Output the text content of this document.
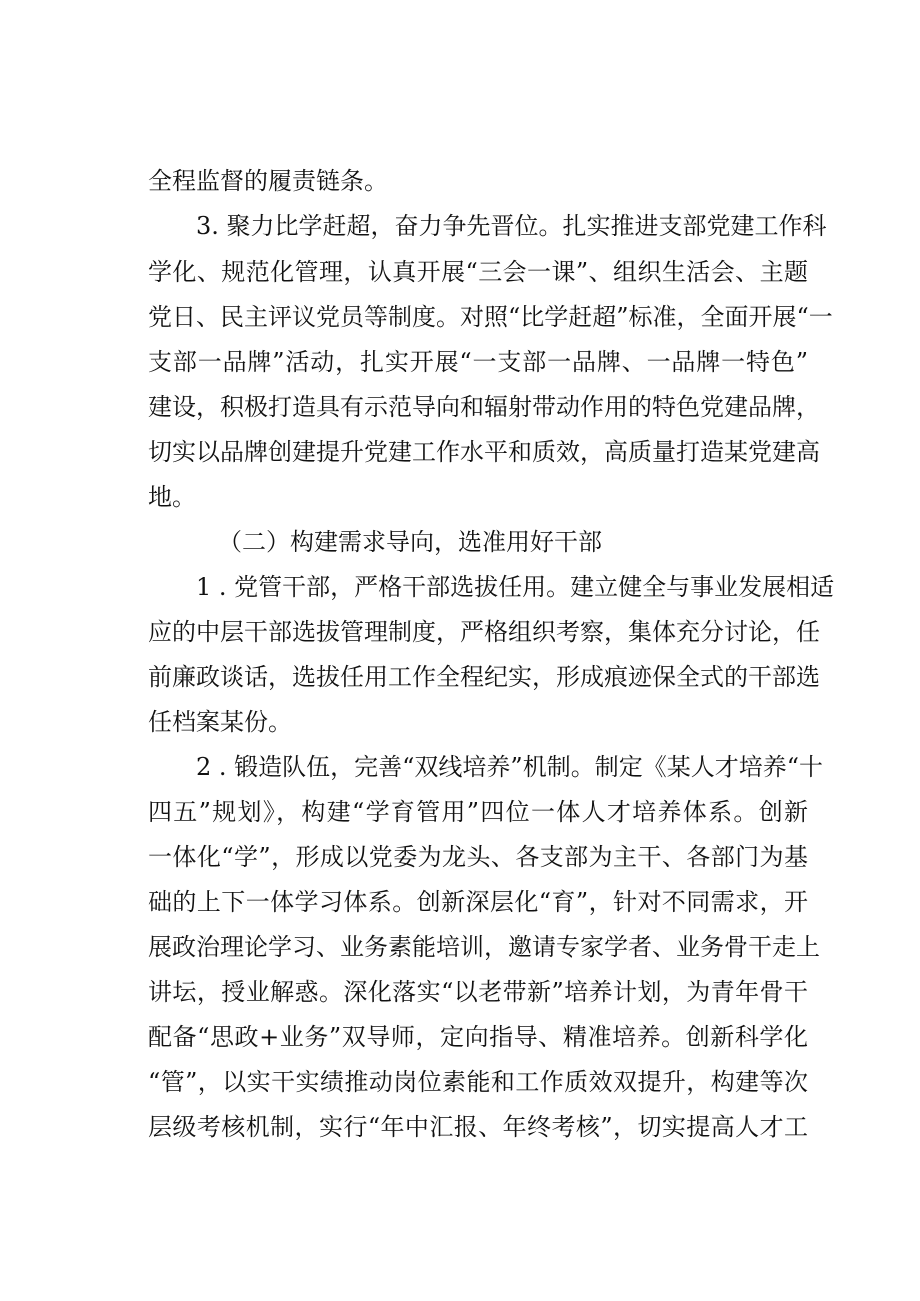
全程监督的履责链条。
3. 聚力比学赶超，奋力争先晋位。扎实推进支部党建工作科
学化、规范化管理，认真开展“三会一课”、组织生活会、主题
党日、民主评议党员等制度。对照“比学赶超”标准，全面开展“一
支部一品牌”活动，扎实开展“一支部一品牌、一品牌一特色”
建设，积极打造具有示范导向和辐射带动作用的特色党建品牌，
切实以品牌创建提升党建工作水平和质效，高质量打造某党建高
地。
（二）构建需求导向，选准用好干部
1 . 党管干部，严格干部选拔任用。建立健全与事业发展相适
应的中层干部选拔管理制度，严格组织考察，集体充分讨论，任
前廉政谈话，选拔任用工作全程纪实，形成痕迹保全式的干部选
任档案某份。
2 . 锻造队伍，完善“双线培养”机制。制定《某人才培养“十
四五”规划》，构建“学育管用”四位一体人才培养体系。创新
一体化“学”，形成以党委为龙头、各支部为主干、各部门为基
础的上下一体学习体系。创新深层化“育”，针对不同需求，开
展政治理论学习、业务素能培训，邀请专家学者、业务骨干走上
讲坛，授业解惑。深化落实“以老带新”培养计划，为青年骨干
配备“思政+业务”双导师，定向指导、精准培养。创新科学化
“管”，以实干实绩推动岗位素能和工作质效双提升，构建等次
层级考核机制，实行“年中汇报、年终考核”，切实提高人才工
